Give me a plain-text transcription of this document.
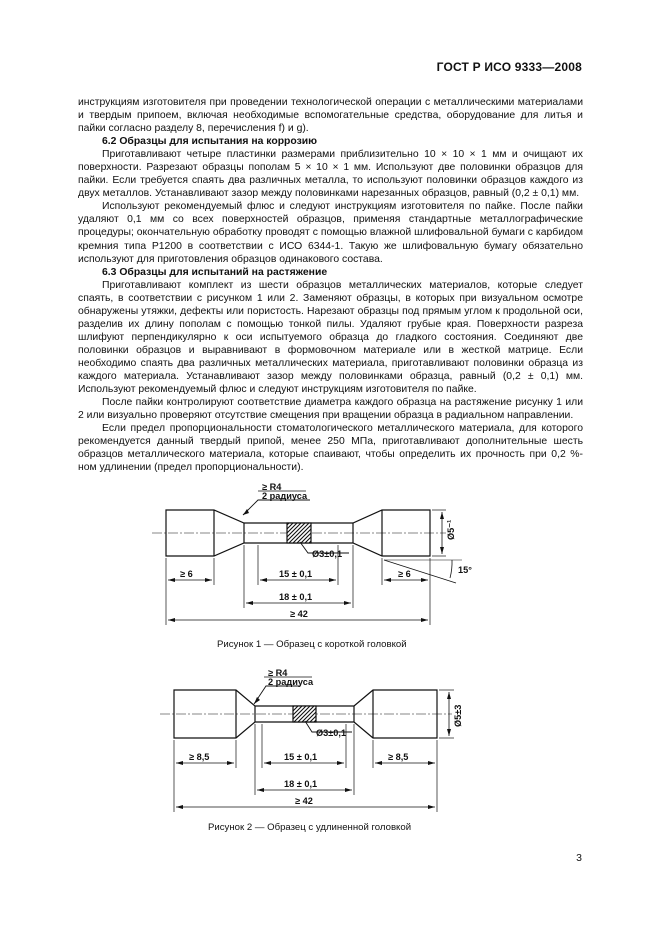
ГОСТ Р ИСО 9333—2008

инструкциям изготовителя при проведении технологической операции с металлическими материалами и твердым припоем, включая необходимые вспомогательные средства, оборудование для литья и пайки согласно разделу 8, перечисления f) и g).

6.2 Образцы для испытания на коррозию

Приготавливают четыре пластинки размерами приблизительно 10 × 10 × 1 мм и очищают их поверхности. Разрезают образцы пополам 5 × 10 × 1 мм. Используют две половинки образцов для пайки. Если требуется спаять два различных металла, то используют половинки образцов каждого из двух металлов. Устанавливают зазор между половинками нарезанных образцов, равный (0,2 ± 0,1) мм.

Используют рекомендуемый флюс и следуют инструкциям изготовителя по пайке. После пайки удаляют 0,1 мм со всех поверхностей образцов, применяя стандартные металлографические процедуры; окончательную обработку проводят с помощью влажной шлифовальной бумаги с карбидом кремния типа Р1200 в соответствии с ИСО 6344-1. Такую же шлифовальную бумагу обязательно используют для приготовления образцов одинакового состава.

6.3 Образцы для испытаний на растяжение

Приготавливают комплект из шести образцов металлических материалов, которые следует спаять, в соответствии с рисунком 1 или 2. Заменяют образцы, в которых при визуальном осмотре обнаружены утяжки, дефекты или пористость. Нарезают образцы под прямым углом к продольной оси, разделив их длину пополам с помощью тонкой пилы. Удаляют грубые края. Поверхности разреза шлифуют перпендикулярно к оси испытуемого образца до гладкого состояния. Соединяют две половинки образцов и выравнивают в формовочном материале или в жесткой матрице. Если необходимо спаять два различных металлических материала, приготавливают половинки образца из каждого материала. Устанавливают зазор между половинками образца, равный (0,2 ± 0,1) мм. Используют рекомендуемый флюс и следуют инструкциям изготовителя по пайке.

После пайки контролируют соответствие диаметра каждого образца на растяжение рисунку 1 или 2 или визуально проверяют отсутствие смещения при вращении образца в радиальном направлении.

Если предел пропорциональности стоматологического металлического материала, для которого рекомендуется данный твердый припой, менее 250 МПа, приготавливают дополнительные шесть образцов металлического материала, которые спаивают, чтобы определить их прочность при 0,2 %-ном удлинении (предел пропорциональности).

≥ R4
2 радиуса
Ø3±0,1
≥ 6	≥ 6
15 ± 0,1
18 ± 0,1
≥ 42
Ø5⁻¹
15°
Рисунок 1 — Образец с короткой головкой
≥ R4
2 радиуса
Ø3±0,1
≥ 8,5	≥ 8,5
15 ± 0,1
18 ± 0,1
≥ 42
Ø5±3
Рисунок 2 — Образец с удлиненной головкой
3
